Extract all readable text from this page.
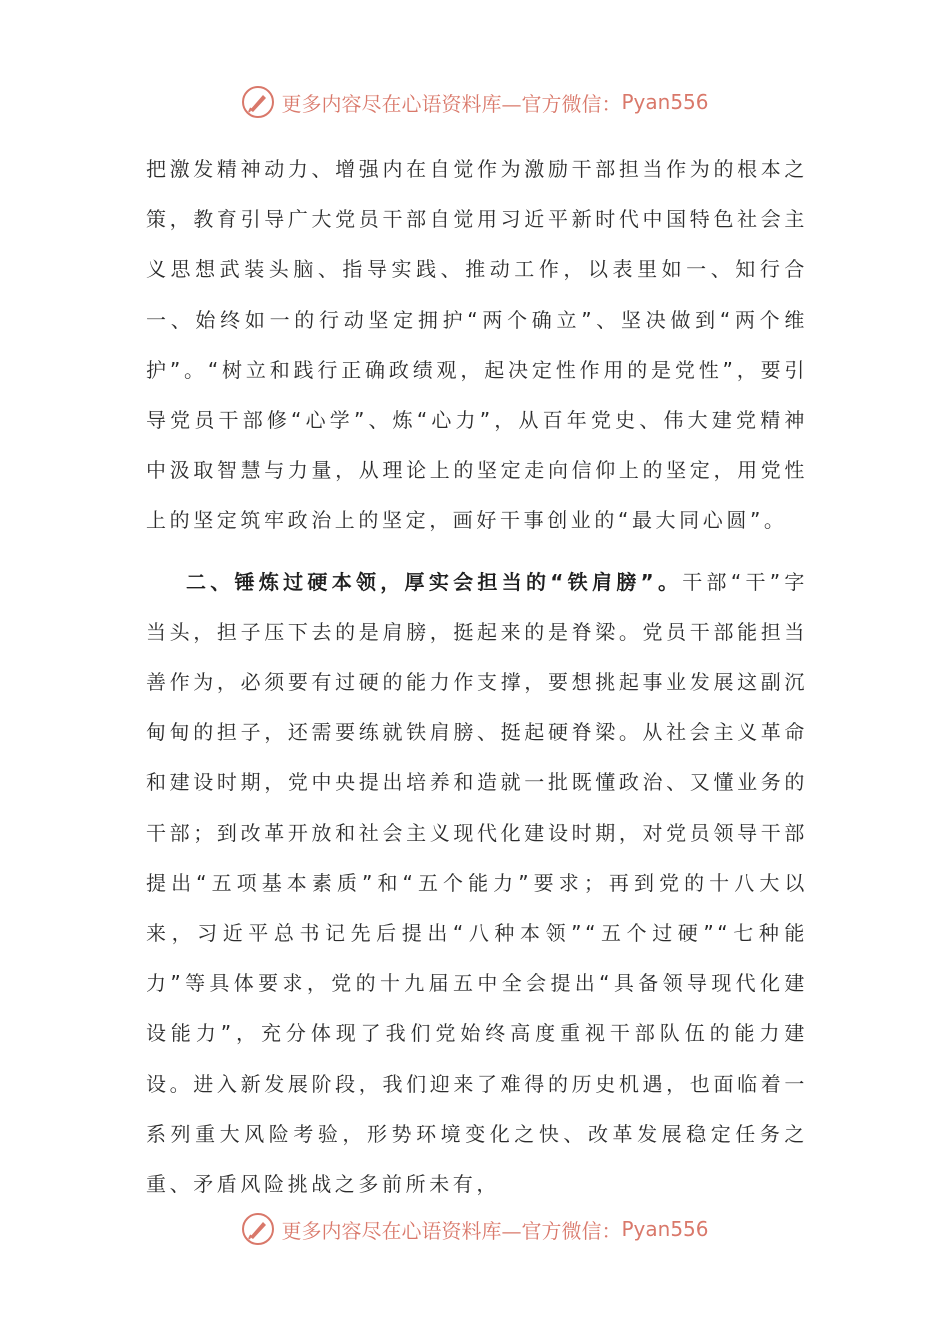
更多内容尽在心语资料库—官方微信： Pyan556

把激发精神动力、增强内在自觉作为激励干部担当作为的根本之策，教育引导广大党员干部自觉用习近平新时代中国特色社会主义思想武装头脑、指导实践、推动工作，以表里如一、知行合一、始终如一的行动坚定拥护“两个确立”、坚决做到“两个维护”。“树立和践行正确政绩观，起决定性作用的是党性”，要引导党员干部修“心学”、炼“心力”，从百年党史、伟大建党精神中汲取智慧与力量，从理论上的坚定走向信仰上的坚定，用党性上的坚定筑牢政治上的坚定，画好干事创业的“最大同心圆”。

二、锤炼过硬本领，厚实会担当的“铁肩膀”。干部“干”字当头，担子压下去的是肩膀，挺起来的是脊梁。党员干部能担当善作为，必须要有过硬的能力作支撑，要想挑起事业发展这副沉甸甸的担子，还需要练就铁肩膀、挺起硬脊梁。从社会主义革命和建设时期，党中央提出培养和造就一批既懂政治、又懂业务的干部；到改革开放和社会主义现代化建设时期，对党员领导干部提出“五项基本素质”和“五个能力”要求；再到党的十八大以来，习近平总书记先后提出“八种本领”“五个过硬”“七种能力”等具体要求，党的十九届五中全会提出“具备领导现代化建设能力”，充分体现了我们党始终高度重视干部队伍的能力建设。进入新发展阶段，我们迎来了难得的历史机遇，也面临着一系列重大风险考验，形势环境变化之快、改革发展稳定任务之重、矛盾风险挑战之多前所未有，

更多内容尽在心语资料库—官方微信： Pyan556
